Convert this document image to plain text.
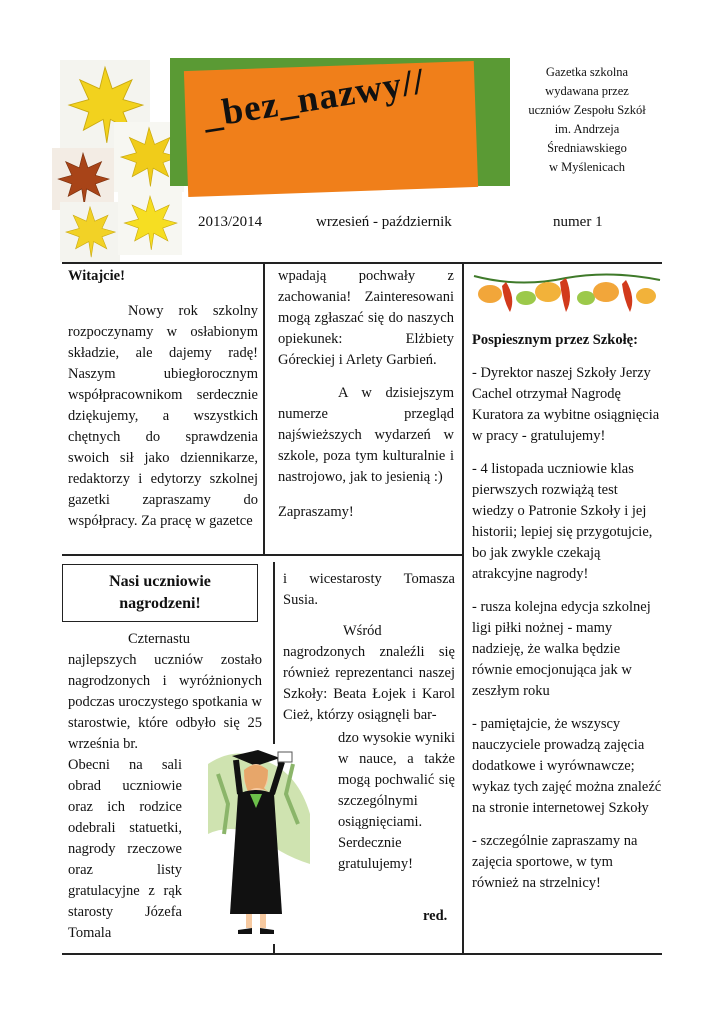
_bez_nazwy//	Gazetka szkolna
wydawana przez
uczniów Zespołu Szkół
im. Andrzeja
Średniawskiego
w Myślenicach
2013/2014	wrzesień - październik	numer 1

Witajcie!

Nowy rok szkolny rozpoczynamy w osłabionym składzie, ale dajemy radę! Naszym ubiegłorocznym współpracownikom serdecznie dziękujemy, a wszystkich chętnych do sprawdzenia swoich sił jako dziennikarze, redaktorzy i edytorzy szkolnej gazetki zapraszamy do współpracy. Za pracę w gazetce

wpadają pochwały z zachowania! Zainteresowani mogą zgłaszać się do naszych opiekunek: Elżbiety Góreckiej i Arlety Garbień.

A w dzisiejszym numerze przegląd najświeższych wydarzeń w szkole, poza tym kulturalnie i nastrojowo, jak to jesienią :)

Zapraszamy!

Nasi uczniowie
nagrodzeni!

Czternastu najlepszych uczniów zostało nagrodzonych i wyróżnionych podczas uroczystego spotkania w starostwie, które odbyło się 25 września br.

Obecni na sali obrad uczniowie oraz ich rodzice odebrali statuetki, nagrody rzeczowe oraz listy gratulacyjne z rąk starosty Józefa Tomala

i wicestarosty Tomasza Susia.

Wśród nagrodzonych znaleźli się również reprezentanci naszej Szkoły: Beata Łojek i Karol Cież, którzy osiągnęli bar-

dzo wysokie wyniki w nauce, a także mogą pochwalić się szczególnymi osiągnięciami. Serdecznie gratulujemy!

red.

Pospiesznym przez Szkołę:

- Dyrektor naszej Szkoły Jerzy Cachel otrzymał Nagrodę Kuratora za wybitne osiągnięcia w pracy - gratulujemy!

- 4 listopada uczniowie klas pierwszych rozwiążą test wiedzy o Patronie Szkoły i jej historii; lepiej się przygotujcie, bo jak zwykle czekają atrakcyjne nagrody!

- rusza kolejna edycja szkolnej ligi piłki nożnej - mamy nadzieję, że walka będzie równie emocjonująca jak w zeszłym roku

- pamiętajcie, że wszyscy nauczyciele prowadzą zajęcia dodatkowe i wyrównawcze; wykaz tych zajęć można znaleźć na stronie internetowej Szkoły

- szczególnie zapraszamy na zajęcia sportowe, w tym również na strzelnicy!
